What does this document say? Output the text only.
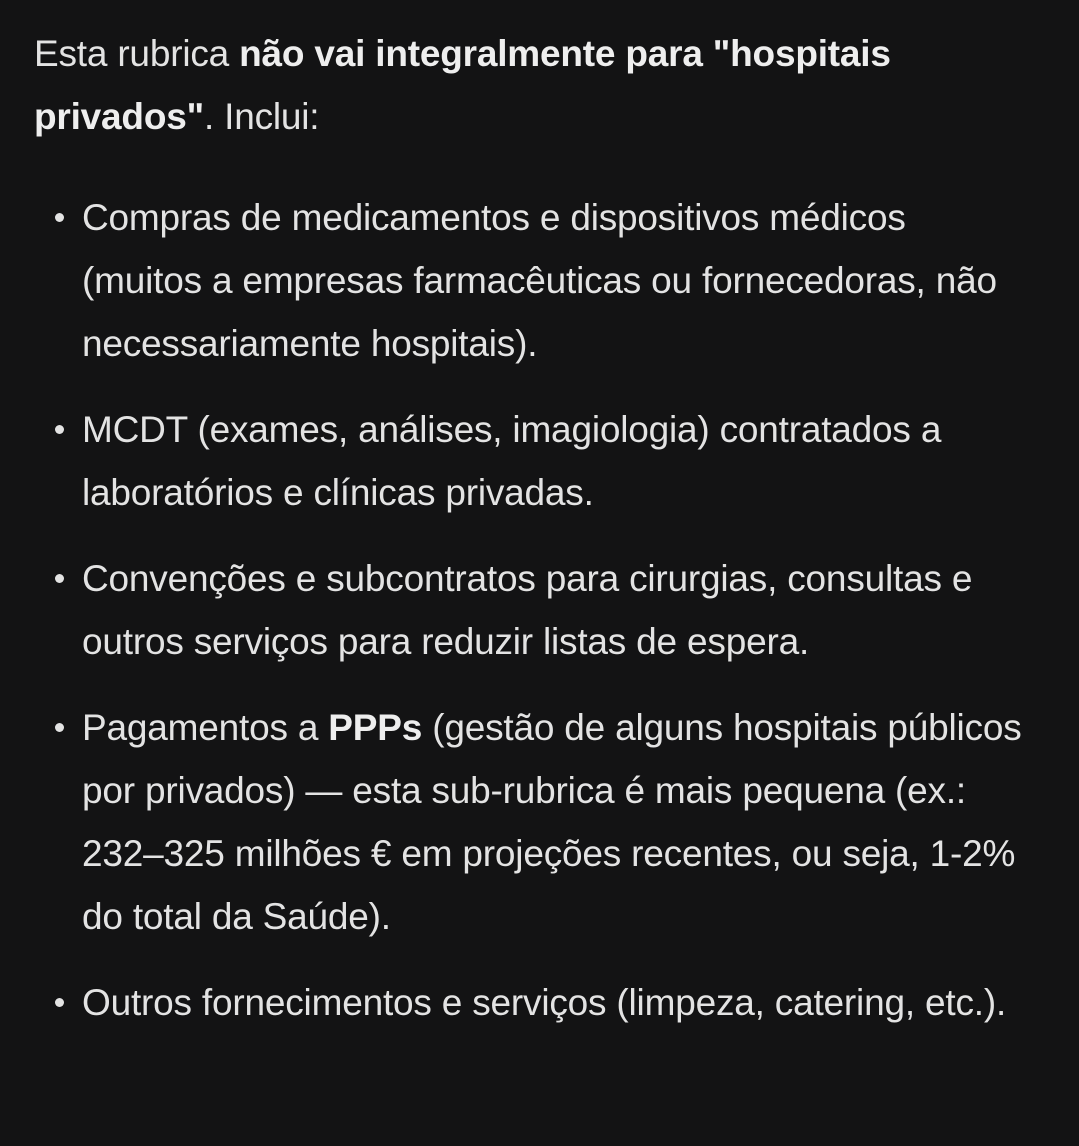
Esta rubrica não vai integralmente para "hospitais privados". Inclui:

Compras de medicamentos e dispositivos médicos (muitos a empresas farmacêuticas ou fornecedoras, não necessariamente hospitais).
MCDT (exames, análises, imagiologia) contratados a laboratórios e clínicas privadas.
Convenções e subcontratos para cirurgias, consultas e outros serviços para reduzir listas de espera.
Pagamentos a PPPs (gestão de alguns hospitais públicos por privados) — esta sub-rubrica é mais pequena (ex.: 232–325 milhões € em projeções recentes, ou seja, 1-2% do total da Saúde).
Outros fornecimentos e serviços (limpeza, catering, etc.).
